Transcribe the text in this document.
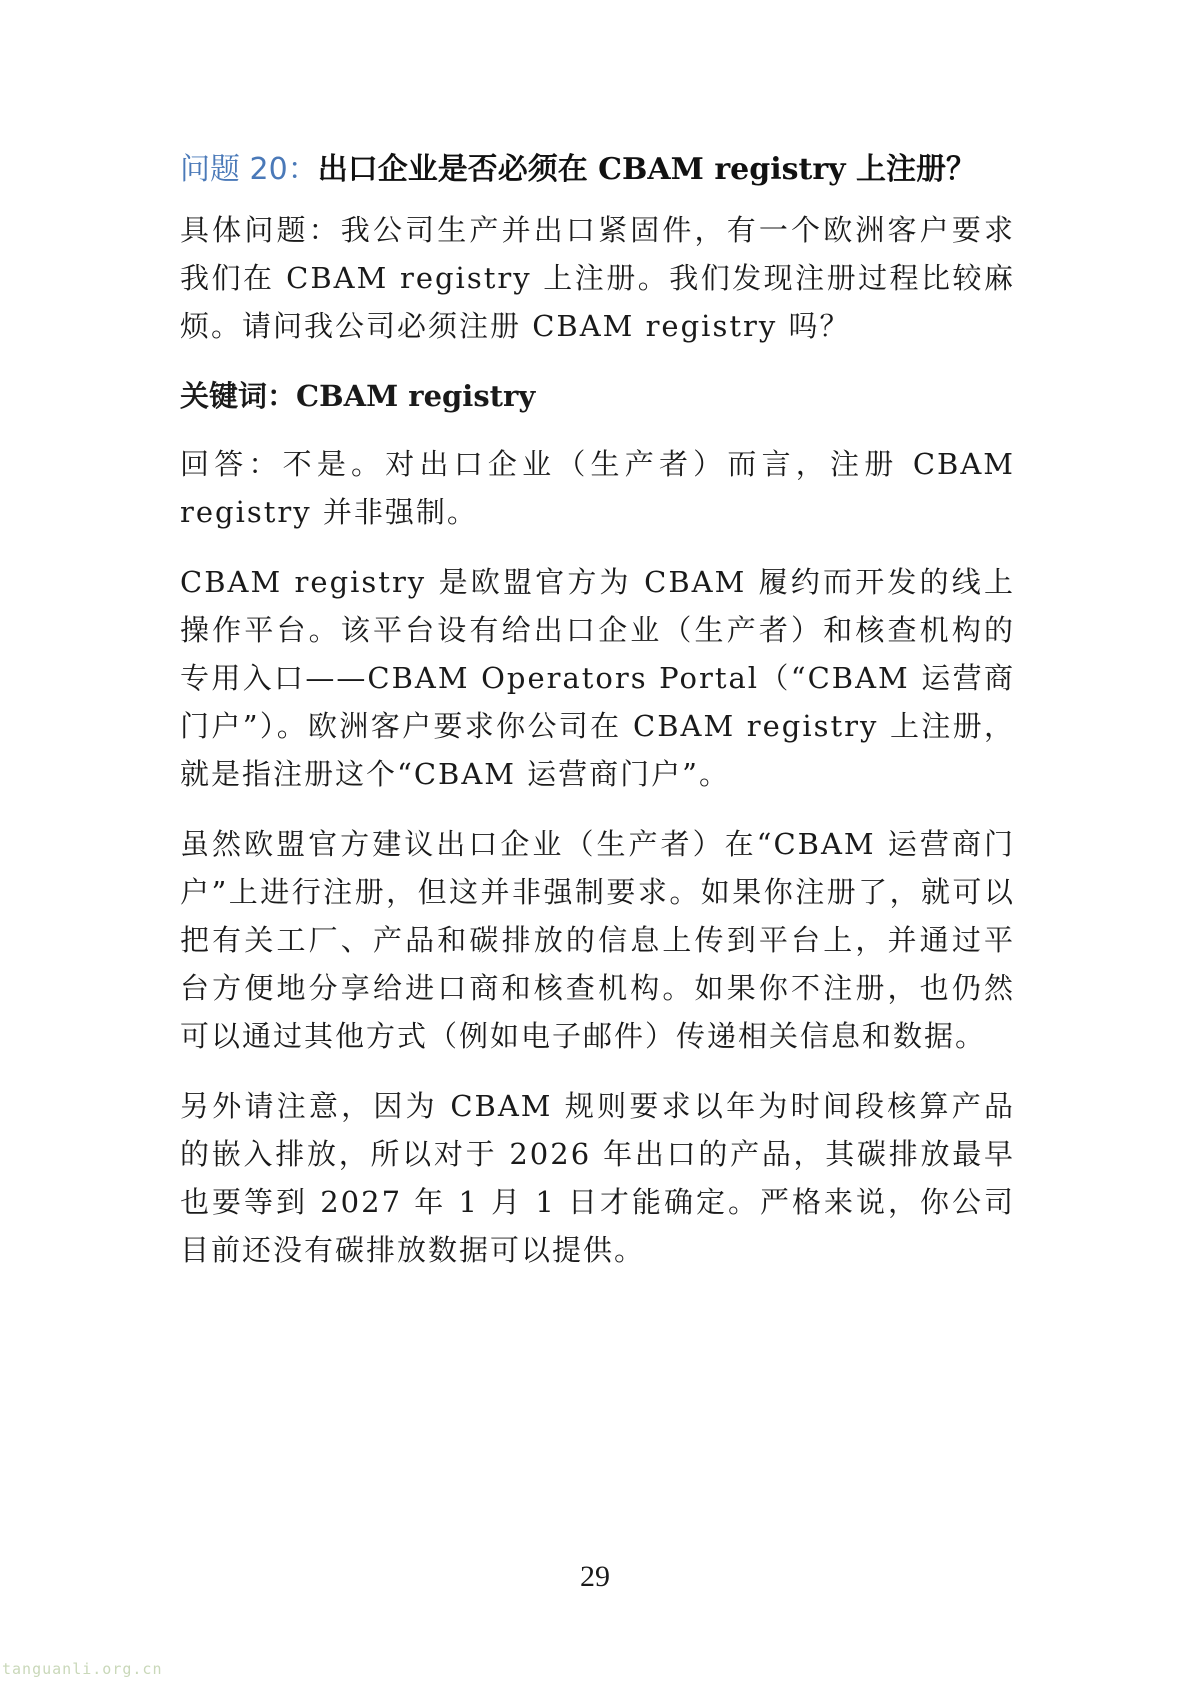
问题 20：出口企业是否必须在 CBAM registry 上注册？

具体问题：我公司生产并出口紧固件，有一个欧洲客户要求我们在 CBAM registry 上注册。我们发现注册过程比较麻烦。请问我公司必须注册 CBAM registry 吗？

关键词：CBAM registry

回答：不是。对出口企业（生产者）而言，注册 CBAM registry 并非强制。

CBAM registry 是欧盟官方为 CBAM 履约而开发的线上操作平台。该平台设有给出口企业（生产者）和核查机构的专用入口——CBAM Operators Portal（“CBAM 运营商门户”）。欧洲客户要求你公司在 CBAM registry 上注册，就是指注册这个“CBAM 运营商门户”。

虽然欧盟官方建议出口企业（生产者）在“CBAM 运营商门户”上进行注册，但这并非强制要求。如果你注册了，就可以把有关工厂、产品和碳排放的信息上传到平台上，并通过平台方便地分享给进口商和核查机构。如果你不注册，也仍然可以通过其他方式（例如电子邮件）传递相关信息和数据。

另外请注意，因为 CBAM 规则要求以年为时间段核算产品的嵌入排放，所以对于 2026 年出口的产品，其碳排放最早也要等到 2027 年 1 月 1 日才能确定。严格来说，你公司目前还没有碳排放数据可以提供。

29
tanguanli.org.cn
